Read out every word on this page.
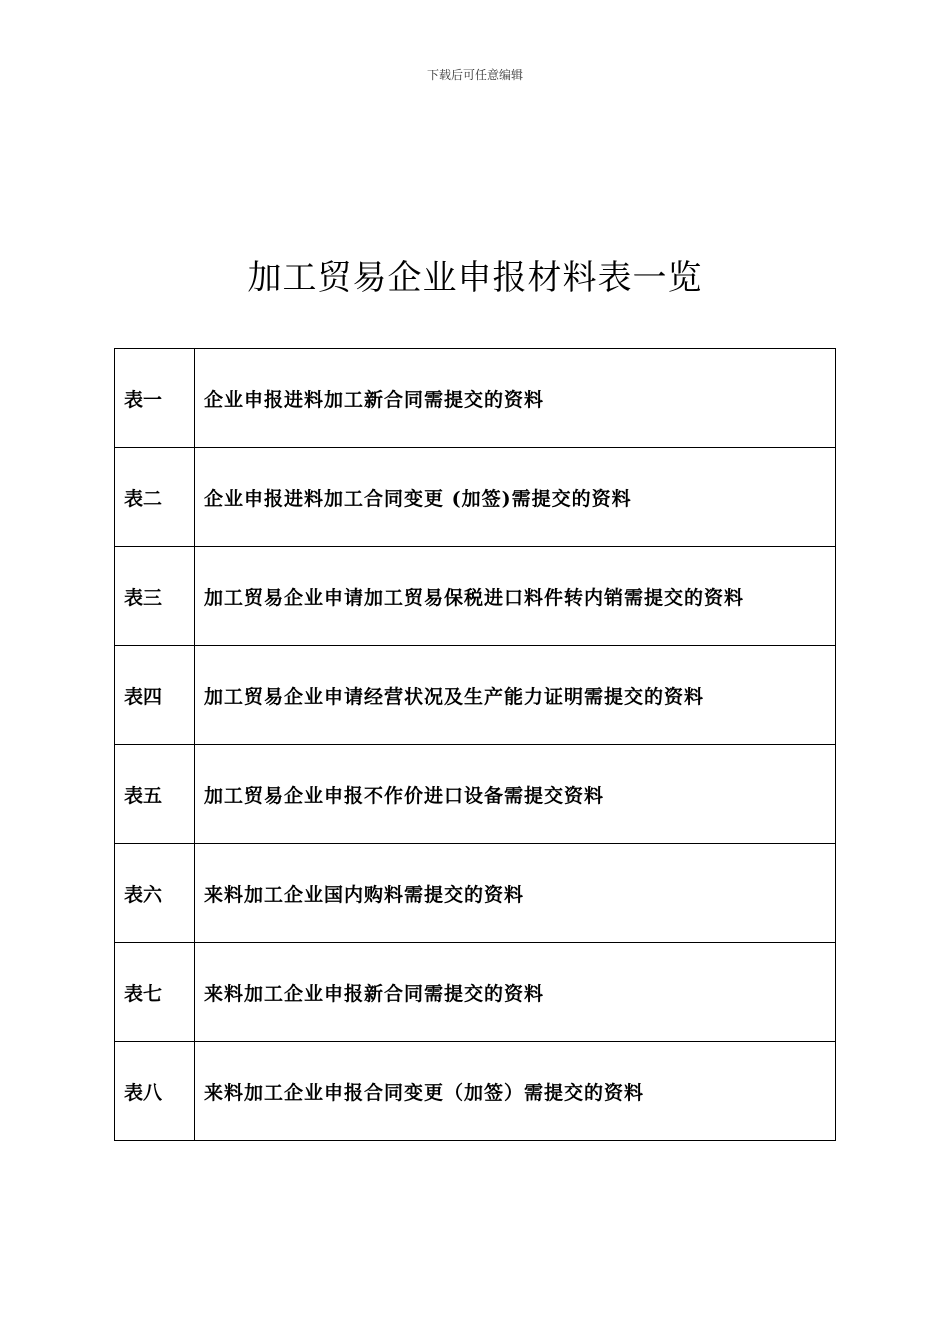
下载后可任意编辑
加工贸易企业申报材料表一览
表一	企业申报进料加工新合同需提交的资料
表二	企业申报进料加工合同变更 (加签)需提交的资料
表三	加工贸易企业申请加工贸易保税进口料件转内销需提交的资料
表四	加工贸易企业申请经营状况及生产能力证明需提交的资料
表五	加工贸易企业申报不作价进口设备需提交资料
表六	来料加工企业国内购料需提交的资料
表七	来料加工企业申报新合同需提交的资料
表八	来料加工企业申报合同变更（加签）需提交的资料
